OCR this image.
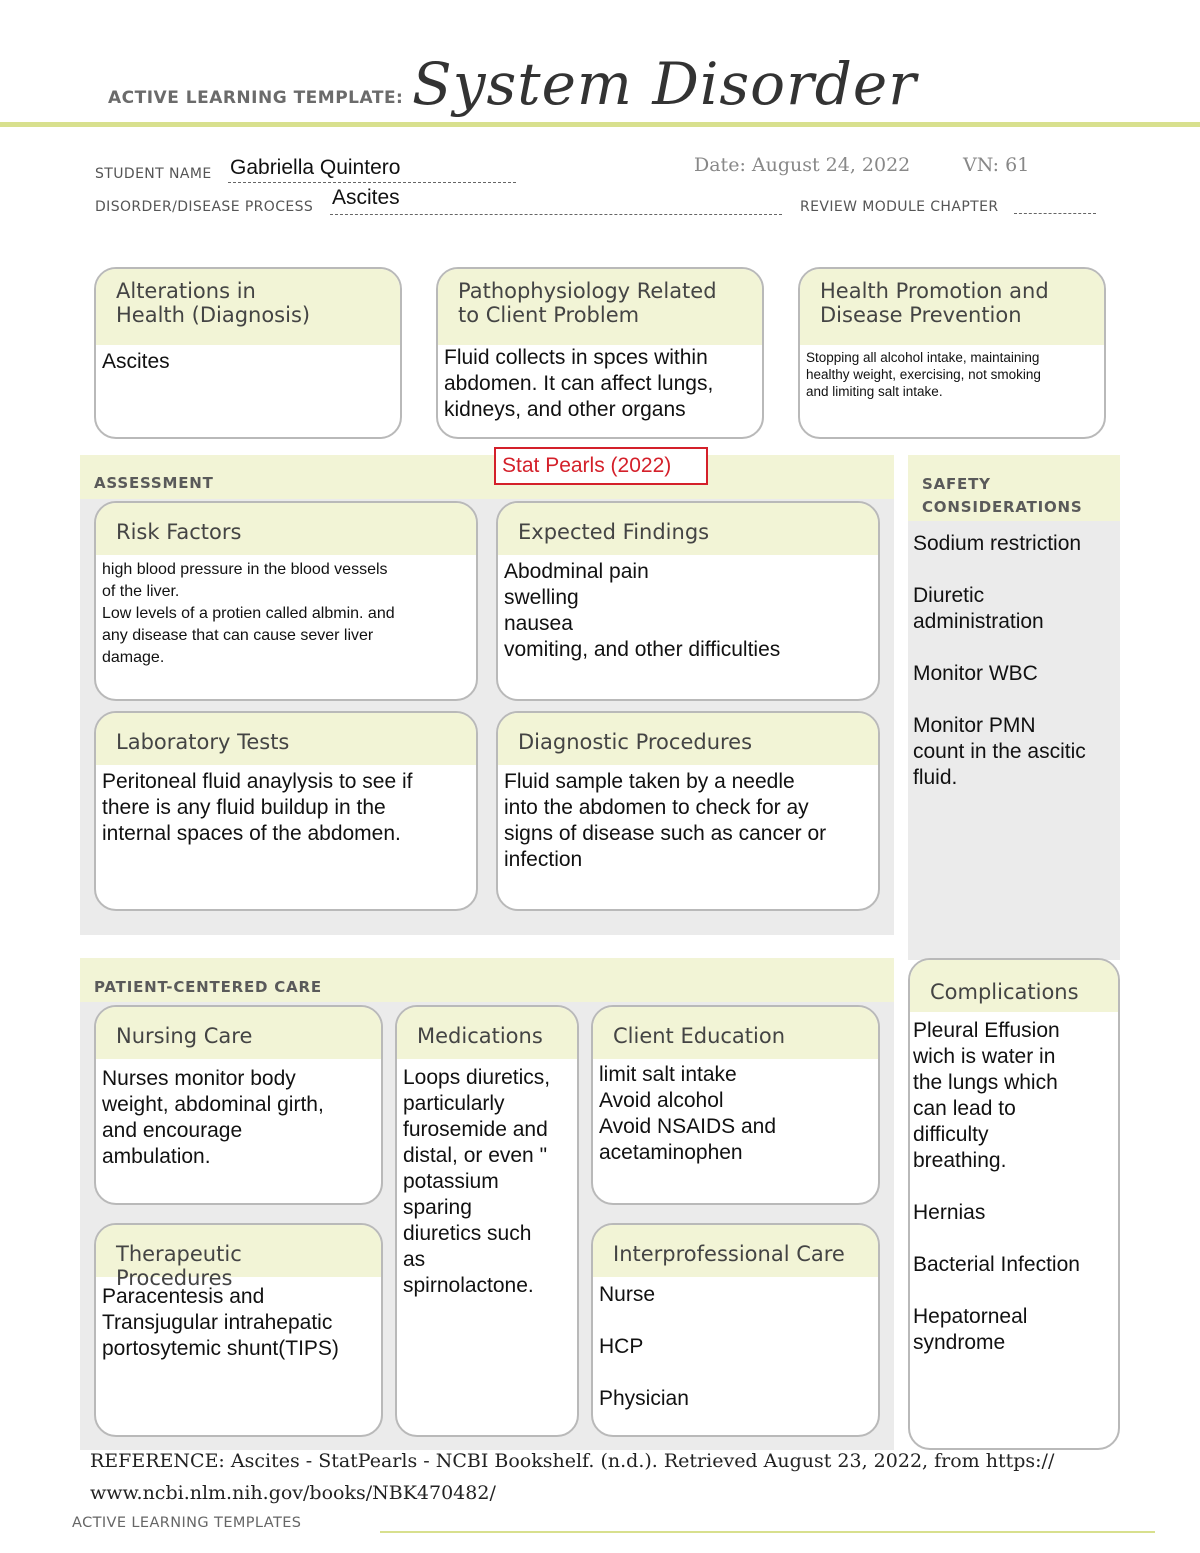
ACTIVE LEARNING TEMPLATE: System Disorder
STUDENT NAME Gabriella Quintero	Date: August 24, 2022	VN: 61
DISORDER/DISEASE PROCESS Ascites	REVIEW MODULE CHAPTER
Alterations in
Health (Diagnosis)
Ascites
Pathophysiology Related
to Client Problem
Fluid collects in spces within
abdomen. It can affect lungs,
kidneys, and other organs
Health Promotion and
Disease Prevention
Stopping all alcohol intake, maintaining
healthy weight, exercising, not smoking
and limiting salt intake.
ASSESSMENT
Stat Pearls (2022)
Risk Factors
high blood pressure in the blood vessels
of the liver.
Low levels of a protien called albmin. and
any disease that can cause sever liver
damage.
Expected Findings
Abodminal pain
swelling
nausea
vomiting, and other difficulties
Laboratory Tests
Peritoneal fluid anaylysis to see if
there is any fluid buildup in the
internal spaces of the abdomen.
Diagnostic Procedures
Fluid sample taken by a needle
into the abdomen to check for ay
signs of disease such as cancer or
infection
SAFETY
CONSIDERATIONS
Sodium restriction

Diuretic
administration

Monitor WBC

Monitor PMN
count in the ascitic
fluid.
PATIENT-CENTERED CARE
Nursing Care
Nurses monitor body
weight, abdominal girth,
and encourage
ambulation.
Medications
Loops diuretics,
particularly
furosemide and
distal, or even "
potassium
sparing
diuretics such
as
spirnolactone.
Client Education
limit salt intake
Avoid alcohol
Avoid NSAIDS and
acetaminophen
Therapeutic Procedures
Paracentesis and
Transjugular intrahepatic
portosytemic shunt(TIPS)
Interprofessional Care
Nurse

HCP

Physician
Complications
Pleural Effusion
wich is water in
the lungs which
can lead to
difficulty
breathing.

Hernias

Bacterial Infection

Hepatorneal
syndrome
REFERENCE: Ascites - StatPearls - NCBI Bookshelf. (n.d.). Retrieved August 23, 2022, from https://
www.ncbi.nlm.nih.gov/books/NBK470482/
ACTIVE LEARNING TEMPLATES
